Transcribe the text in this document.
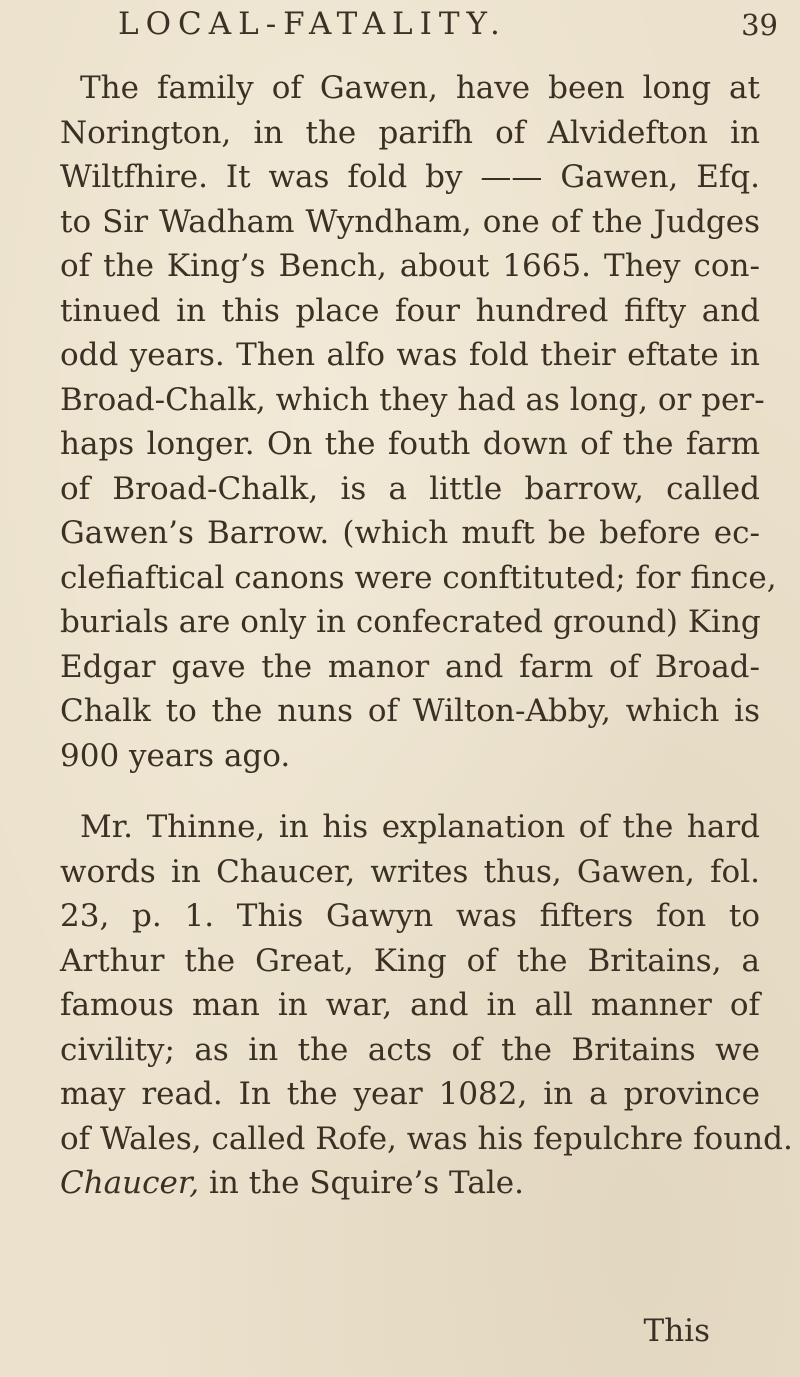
LOCAL-FATALITY.	39
The family of Gawen, have been long at
Norington, in the parifh of Alvidefton in
Wiltfhire. It was fold by —— Gawen, Efq.
to Sir Wadham Wyndham, one of the Judges
of the King’s Bench, about 1665. They con-
tinued in this place four hundred fifty and
odd years. Then alfo was fold their eftate in
Broad-Chalk, which they had as long, or per-
haps longer. On the fouth down of the farm
of Broad-Chalk, is a little barrow, called
Gawen’s Barrow. (which muft be before ec-
clefiaftical canons were conftituted; for fince,
burials are only in confecrated ground) King
Edgar gave the manor and farm of Broad-
Chalk to the nuns of Wilton-Abby, which is
900 years ago.
Mr. Thinne, in his explanation of the hard
words in Chaucer, writes thus, Gawen, fol.
23, p. 1. This Gawyn was fifters fon to
Arthur the Great, King of the Britains, a
famous man in war, and in all manner of
civility; as in the acts of the Britains we
may read. In the year 1082, in a province
of Wales, called Rofe, was his fepulchre found.
Chaucer, in the Squire’s Tale.
This
